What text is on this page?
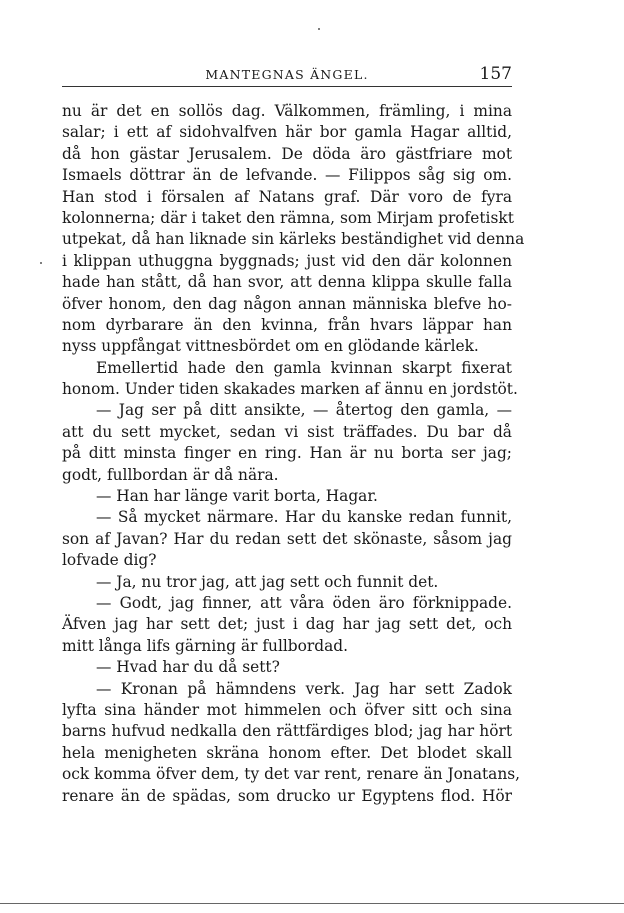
MANTEGNAS ÄNGEL.	157
nu är det en sollös dag. Välkommen, främling, i mina
salar; i ett af sidohvalfven här bor gamla Hagar alltid,
då hon gästar Jerusalem. De döda äro gästfriare mot
Ismaels döttrar än de lefvande. — Filippos såg sig om.
Han stod i försalen af Natans graf. Där voro de fyra
kolonnerna; där i taket den rämna, som Mirjam profetiskt
utpekat, då han liknade sin kärleks beständighet vid denna
i klippan uthuggna byggnads; just vid den där kolonnen
hade han stått, då han svor, att denna klippa skulle falla
öfver honom, den dag någon annan människa blefve ho-
nom dyrbarare än den kvinna, från hvars läppar han
nyss uppfångat vittnesbördet om en glödande kärlek.
Emellertid hade den gamla kvinnan skarpt fixerat
honom. Under tiden skakades marken af ännu en jordstöt.
— Jag ser på ditt ansikte, — återtog den gamla, —
att du sett mycket, sedan vi sist träffades. Du bar då
på ditt minsta finger en ring. Han är nu borta ser jag;
godt, fullbordan är då nära.
— Han har länge varit borta, Hagar.
— Så mycket närmare. Har du kanske redan funnit,
son af Javan? Har du redan sett det skönaste, såsom jag
lofvade dig?
— Ja, nu tror jag, att jag sett och funnit det.
— Godt, jag finner, att våra öden äro förknippade.
Äfven jag har sett det; just i dag har jag sett det, och
mitt långa lifs gärning är fullbordad.
— Hvad har du då sett?
— Kronan på hämndens verk. Jag har sett Zadok
lyfta sina händer mot himmelen och öfver sitt och sina
barns hufvud nedkalla den rättfärdiges blod; jag har hört
hela menigheten skräna honom efter. Det blodet skall
ock komma öfver dem, ty det var rent, renare än Jonatans,
renare än de spädas, som drucko ur Egyptens flod. Hör
